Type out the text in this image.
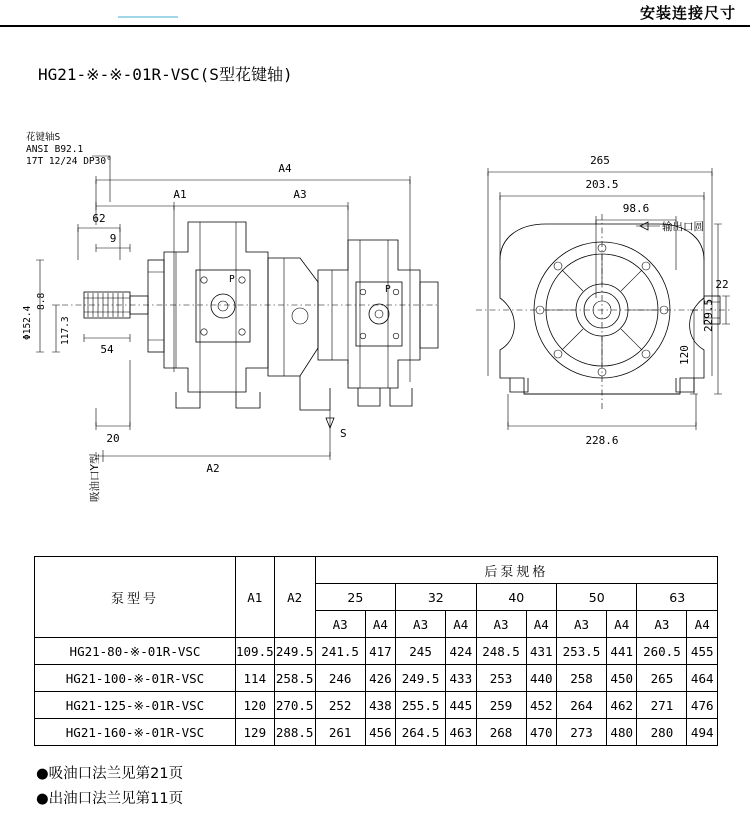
安装连接尺寸
HG21-※-※-01R-VSC(S型花键轴)
花键轴S
ANSI B92.1
17T 12/24 DP30°
A4
A1	A3
62
9
Φ152.4
8.8
117.3
54
P
P
20	S
A2
吸油口Y型
265
203.5
98.6
输出口圆
22
229.5
120
228.6
泵型号	A1	A2	后泵规格									
			25		32		40		50		63	
			A3	A4	A3	A4	A3	A4	A3	A4	A3	A4
HG21-80-※-01R-VSC	109.5	249.5	241.5	417	245	424	248.5	431	253.5	441	260.5	455
HG21-100-※-01R-VSC	114	258.5	246	426	249.5	433	253	440	258	450	265	464
HG21-125-※-01R-VSC	120	270.5	252	438	255.5	445	259	452	264	462	271	476
HG21-160-※-01R-VSC	129	288.5	261	456	264.5	463	268	470	273	480	280	494
●吸油口法兰见第21页
●出油口法兰见第11页
